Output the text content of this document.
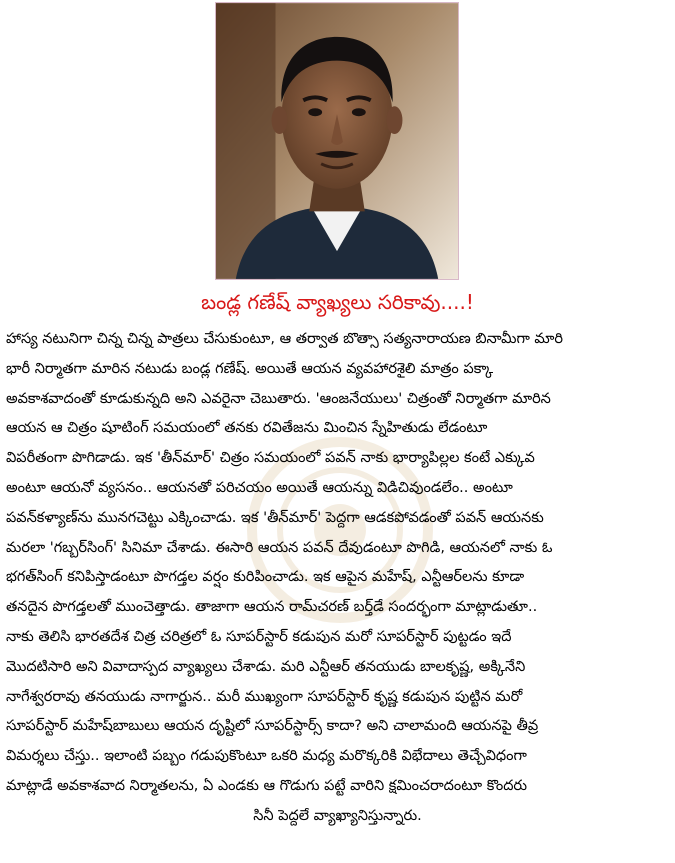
బండ్ల గణేష్ వ్యాఖ్యలు సరికావు....!
హాస్య నటునిగా చిన్న చిన్న పాత్రలు చేసుకుంటూ, ఆ తర్వాత బొత్సా సత్యనారాయణ బినామీగా మారి
భారీ నిర్మాతగా మారిన నటుడు బండ్ల గణేష్. అయితే ఆయన వ్యవహారశైలి మాత్రం పక్కా
అవకాశవాదంతో కూడుకున్నది అని ఎవరైనా చెబుతారు. 'ఆంజనేయులు' చిత్రంతో నిర్మాతగా మారిన
ఆయన ఆ చిత్రం షూటింగ్ సమయంలో తనకు రవితేజను మించిన స్నేహితుడు లేడంటూ
విపరీతంగా పొగిడాడు. ఇక 'తీన్‌మార్' చిత్రం సమయంలో పవన్ నాకు భార్యాపిల్లల కంటే ఎక్కువ
అంటూ ఆయనో వ్యసనం.. ఆయనతో పరిచయం అయితే ఆయన్ను విడిచివుండలేం.. అంటూ
పవన్‌కళ్యాణ్‌ను మునగచెట్టు ఎక్కించాడు. ఇక 'తీన్‌మార్' పెద్దగా ఆడకపోవడంతో పవన్ ఆయనకు
మరలా 'గబ్బర్‌సింగ్' సినిమా చేశాడు. ఈసారి ఆయన పవన్ దేవుడంటూ పొగిడి, ఆయనలో నాకు ఓ
భగత్‌సింగ్ కనిపిస్తాడంటూ పొగడ్తల వర్షం కురిపించాడు. ఇక ఆపైన మహేష్, ఎన్టీఆర్‌లను కూడా
తనదైన పొగడ్తలతో ముంచెత్తాడు. తాజాగా ఆయన రామ్‌చరణ్ బర్త్‌డే సందర్భంగా మాట్లాడుతూ..
నాకు తెలిసి భారతదేశ చిత్ర చరిత్రలో ఓ సూపర్‌స్టార్ కడుపున మరో సూపర్‌స్టార్ పుట్టడం ఇదే
మొదటిసారి అని వివాదాస్పద వ్యాఖ్యలు చేశాడు. మరి ఎన్టీఆర్ తనయుడు బాలకృష్ణ, అక్కినేని
నాగేశ్వరరావు తనయుడు నాగార్జున.. మరీ ముఖ్యంగా సూపర్‌స్టార్ కృష్ణ కడుపున పుట్టిన మరో
సూపర్‌స్టార్ మహేష్‌బాబులు ఆయన దృష్టిలో సూపర్‌స్టార్స్ కాదా? అని చాలామంది ఆయనపై తీవ్ర
విమర్శలు చేస్తు.. ఇలాంటి పబ్బం గడుపుకొంటూ ఒకరి మధ్య మరొక్కరికి విభేదాలు తెచ్చేవిధంగా
మాట్లాడే అవకాశవాద నిర్మాతలను, ఏ ఎండకు ఆ గొడుగు పట్టే వారిని క్షమించరాదంటూ కొందరు
సినీ పెద్దలే వ్యాఖ్యానిస్తున్నారు.
